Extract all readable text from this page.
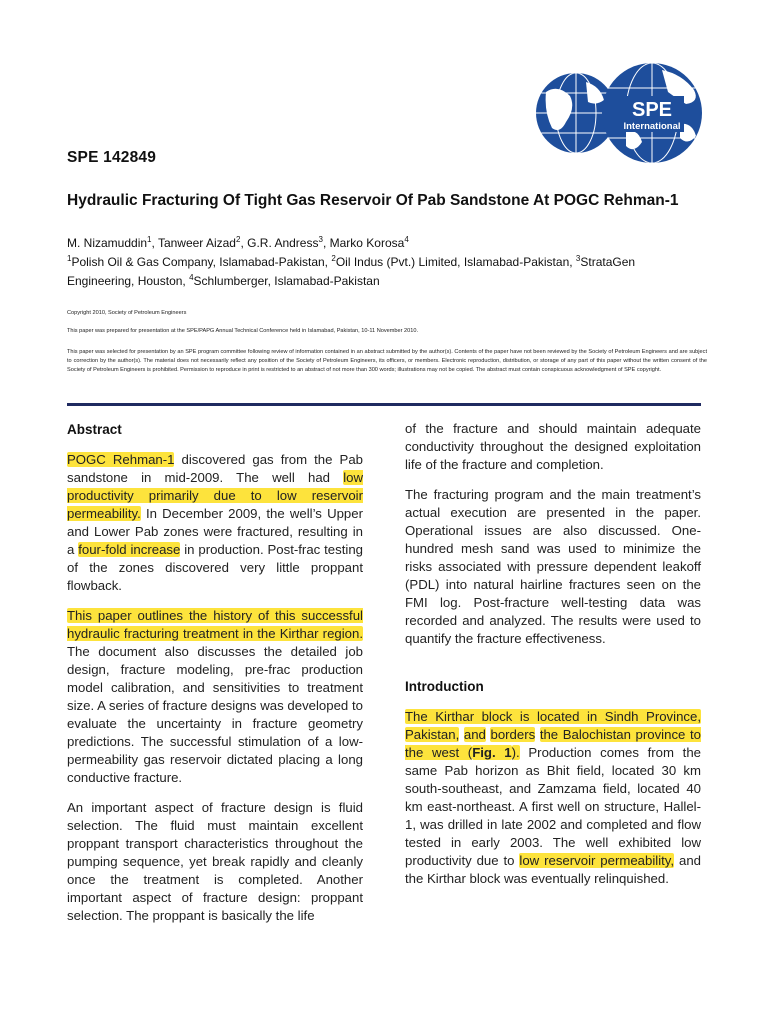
SPE
International
SPE 142849
Hydraulic Fracturing Of Tight Gas Reservoir Of Pab Sandstone At POGC Rehman-1
M. Nizamuddin$^1$, Tanweer Aizad$^2$, G.R. Andress$^3$, Marko Korosa$^4$
$^1$Polish Oil & Gas Company, Islamabad-Pakistan, $^2$Oil Indus (Pvt.) Limited, Islamabad-Pakistan, $^3$StrataGen
Engineering, Houston, $^4$Schlumberger, Islamabad-Pakistan
Copyright 2010, Society of Petroleum Engineers
This paper was prepared for presentation at the SPE/PAPG Annual Technical Conference held in Islamabad, Pakistan, 10-11 November 2010.
This paper was selected for presentation by an SPE program committee following review of information contained in an abstract submitted by the author(s). Contents of the paper have not been reviewed by the Society of Petroleum Engineers and are subject to correction by the author(s). The material does not necessarily reflect any position of the Society of Petroleum Engineers, its officers, or members. Electronic reproduction, distribution, or storage of any part of this paper without the written consent of the Society of Petroleum Engineers is prohibited. Permission to reproduce in print is restricted to an abstract of not more than 300 words; illustrations may not be copied. The abstract must contain conspicuous acknowledgment of SPE copyright.
Abstract

POGC Rehman-1 discovered gas from the Pab sandstone in mid-2009. The well had low productivity primarily due to low reservoir permeability. In December 2009, the well’s Upper and Lower Pab zones were fractured, resulting in a four-fold increase in production. Post-frac testing of the zones discovered very little proppant flowback.

This paper outlines the history of this successful hydraulic fracturing treatment in the Kirthar region. The document also discusses the detailed job design, fracture modeling, pre-frac production model calibration, and sensitivities to treatment size. A series of fracture designs was developed to evaluate the uncertainty in fracture geometry predictions. The successful stimulation of a low-permeability gas reservoir dictated placing a long conductive fracture.

An important aspect of fracture design is fluid selection. The fluid must maintain excellent proppant transport characteristics throughout the pumping sequence, yet break rapidly and cleanly once the treatment is completed. Another important aspect of fracture design: proppant selection. The proppant is basically the life

of the fracture and should maintain adequate conductivity throughout the designed exploitation life of the fracture and completion.

The fracturing program and the main treatment’s actual execution are presented in the paper. Operational issues are also discussed. One-hundred mesh sand was used to minimize the risks associated with pressure dependent leakoff (PDL) into natural hairline fractures seen on the FMI log. Post-fracture well-testing data was recorded and analyzed. The results were used to quantify the fracture effectiveness.

Introduction

The Kirthar block is located in Sindh Province, Pakistan, and borders the Balochistan province to the west (Fig. 1). Production comes from the same Pab horizon as Bhit field, located 30 km south-southeast, and Zamzama field, located 40 km east-northeast. A first well on structure, Hallel-1, was drilled in late 2002 and completed and flow tested in early 2003. The well exhibited low productivity due to low reservoir permeability, and the Kirthar block was eventually relinquished.
